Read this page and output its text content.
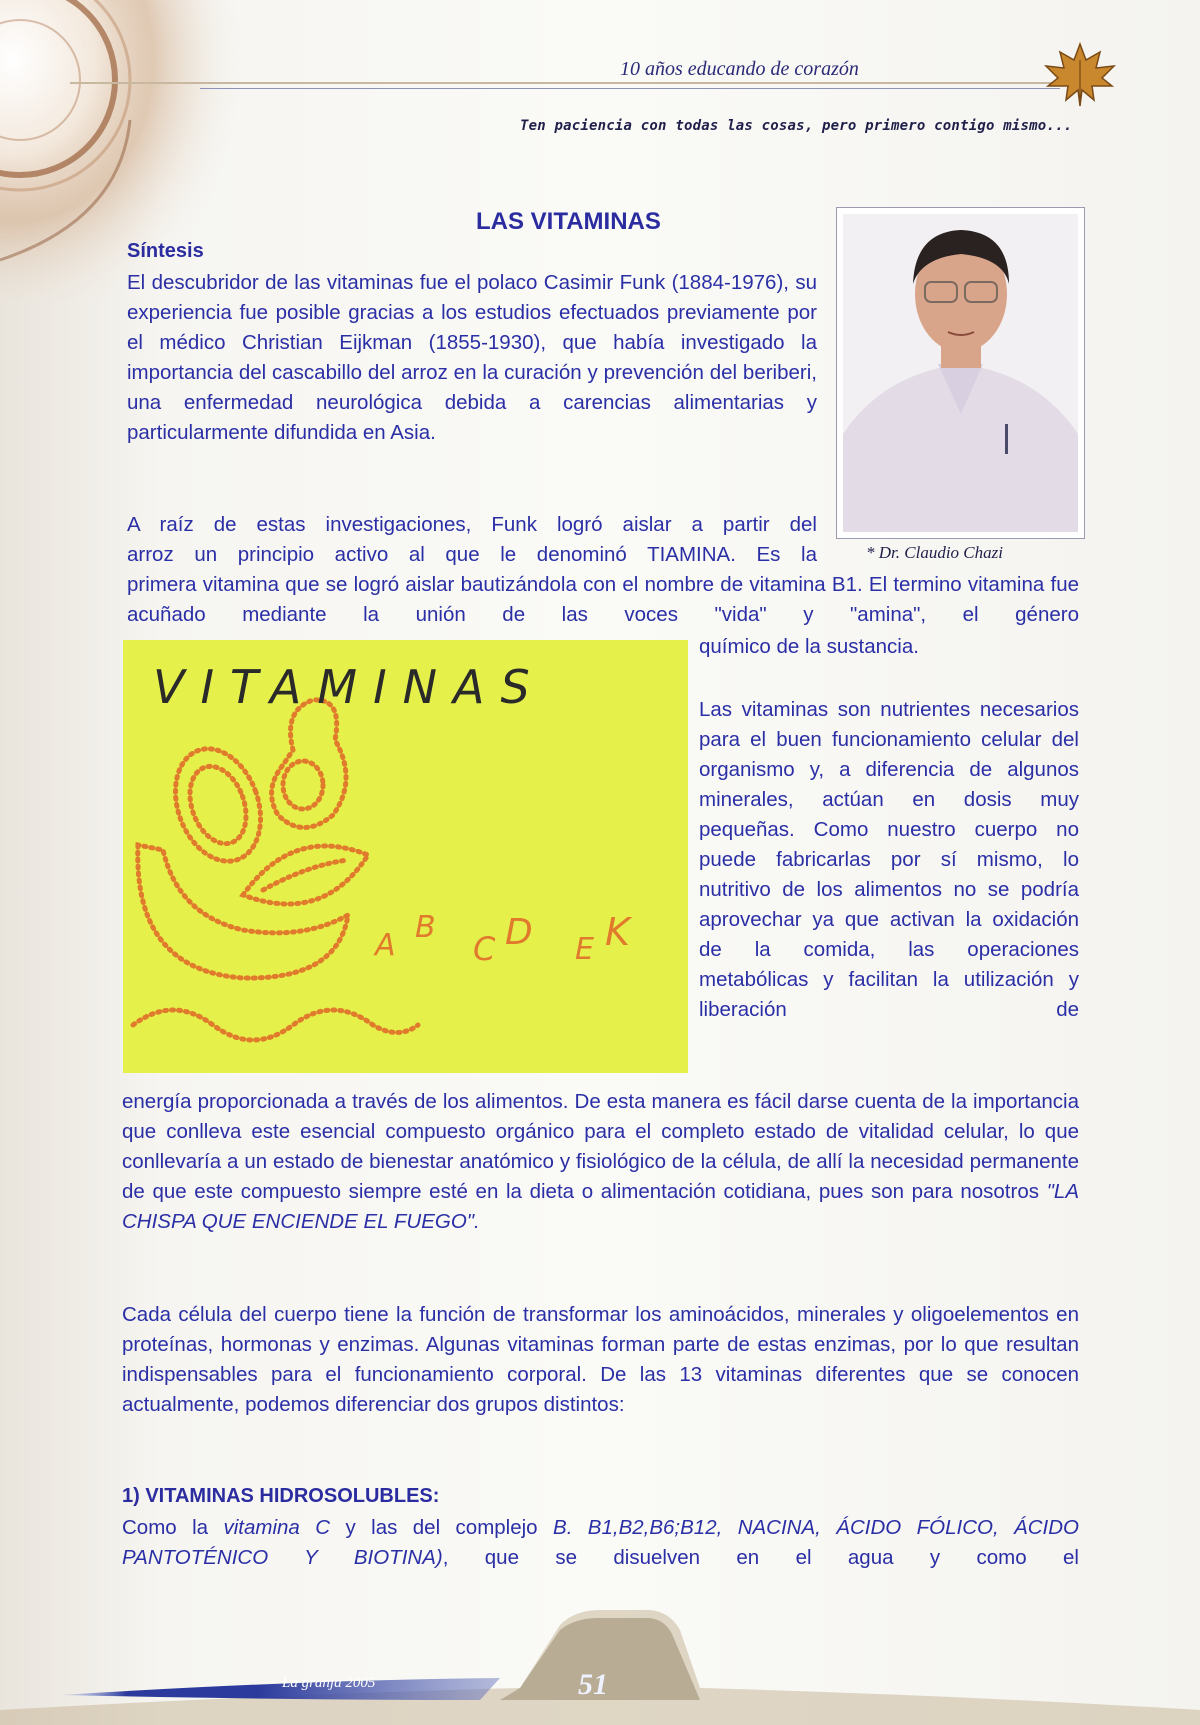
10 años educando de corazón
Ten paciencia con todas las cosas, pero primero contigo mismo...
LAS VITAMINAS
Síntesis
El descubridor de las vitaminas fue el polaco Casimir Funk (1884-1976), su experiencia fue posible gracias a los estudios efectuados previamente por el médico Christian Eijkman (1855-1930), que había investigado la importancia del cascabillo del arroz en la curación y prevención del beriberi, una enfermedad neurológica debida a carencias alimentarias y particularmente difundida en Asia.
A raíz de estas investigaciones, Funk logró aislar a partir del
arroz un principio activo al que le denominó TIAMINA. Es la
primera vitamina que se logró aislar bautizándola con el nombre de vitamina B1. El termino vitamina fue acuñado mediante la unión de las voces "vida" y "amina", el género
químico de la sustancia.
* Dr. Claudio Chazi
VITAMINAS
A
B
C D E K
Las vitaminas son nutrientes necesarios para el buen funcionamiento celular del organismo y, a diferencia de algunos minerales, actúan en dosis muy pequeñas. Como nuestro cuerpo no puede fabricarlas por sí mismo, lo nutritivo de los alimentos no se podría aprovechar ya que activan la oxidación de la comida, las operaciones metabólicas y facilitan la utilización y liberación de
energía proporcionada a través de los alimentos. De esta manera es fácil darse cuenta de la importancia que conlleva este esencial compuesto orgánico para el completo estado de vitalidad celular, lo que conllevaría a un estado de bienestar anatómico y fisiológico de la célula, de allí la necesidad permanente de que este compuesto siempre esté en la dieta o alimentación cotidiana, pues son para nosotros "LA CHISPA QUE ENCIENDE EL FUEGO".
Cada célula del cuerpo tiene la función de transformar los aminoácidos, minerales y oligoelementos en proteínas, hormonas y enzimas. Algunas vitaminas forman parte de estas enzimas, por lo que resultan indispensables para el funcionamiento corporal. De las 13 vitaminas diferentes que se conocen actualmente, podemos diferenciar dos grupos distintos:
1) VITAMINAS HIDROSOLUBLES:
Como la vitamina C y las del complejo B. B1,B2,B6;B12, NACINA, ÁCIDO FÓLICO, ÁCIDO PANTOTÉNICO Y BIOTINA), que se disuelven en el agua y como el
La granja 2005	51
